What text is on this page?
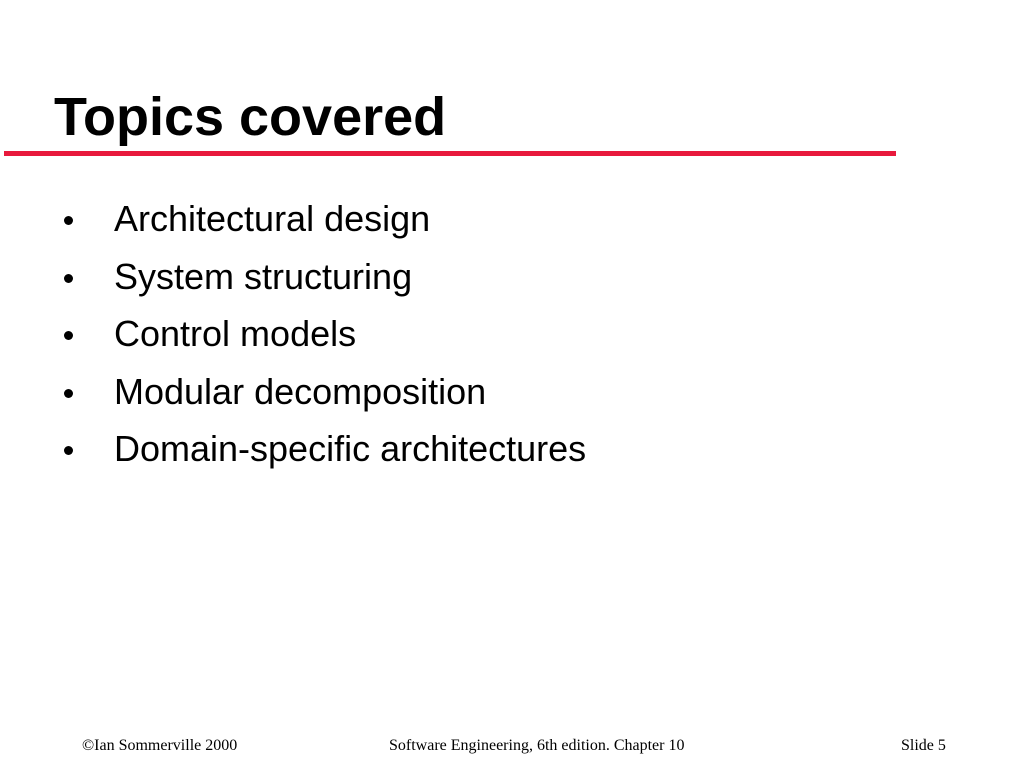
Topics covered
Architectural design
System structuring
Control models
Modular decomposition
Domain-specific architectures
©Ian Sommerville 2000	Software Engineering, 6th edition. Chapter 10	Slide 5
